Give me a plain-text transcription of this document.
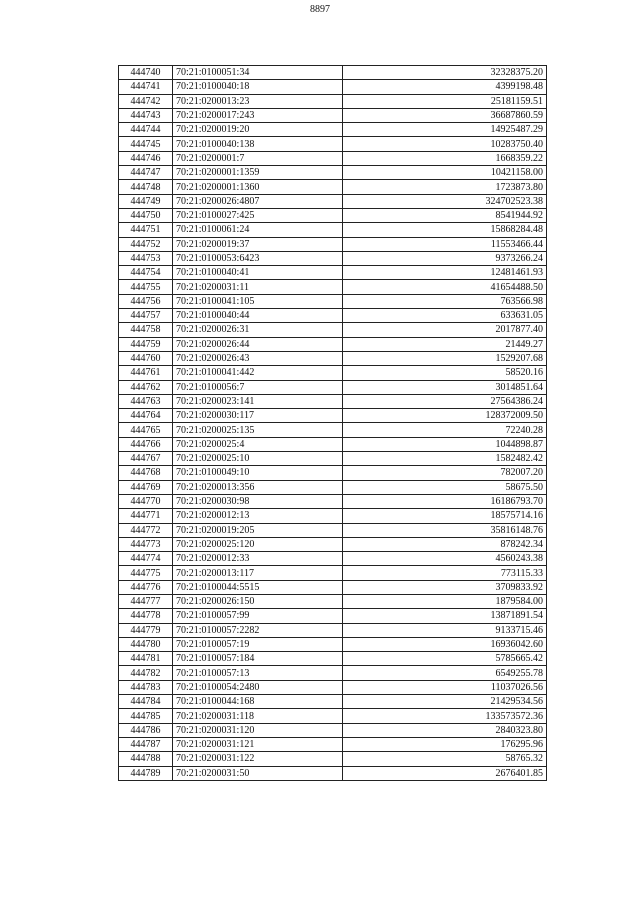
8897
444740	70:21:0100051:34	32328375.20
444741	70:21:0100040:18	4399198.48
444742	70:21:0200013:23	25181159.51
444743	70:21:0200017:243	36687860.59
444744	70:21:0200019:20	14925487.29
444745	70:21:0100040:138	10283750.40
444746	70:21:0200001:7	1668359.22
444747	70:21:0200001:1359	10421158.00
444748	70:21:0200001:1360	1723873.80
444749	70:21:0200026:4807	324702523.38
444750	70:21:0100027:425	8541944.92
444751	70:21:0100061:24	15868284.48
444752	70:21:0200019:37	11553466.44
444753	70:21:0100053:6423	9373266.24
444754	70:21:0100040:41	12481461.93
444755	70:21:0200031:11	41654488.50
444756	70:21:0100041:105	763566.98
444757	70:21:0100040:44	633631.05
444758	70:21:0200026:31	2017877.40
444759	70:21:0200026:44	21449.27
444760	70:21:0200026:43	1529207.68
444761	70:21:0100041:442	58520.16
444762	70:21:0100056:7	3014851.64
444763	70:21:0200023:141	27564386.24
444764	70:21:0200030:117	128372009.50
444765	70:21:0200025:135	72240.28
444766	70:21:0200025:4	1044898.87
444767	70:21:0200025:10	1582482.42
444768	70:21:0100049:10	782007.20
444769	70:21:0200013:356	58675.50
444770	70:21:0200030:98	16186793.70
444771	70:21:0200012:13	18575714.16
444772	70:21:0200019:205	35816148.76
444773	70:21:0200025:120	878242.34
444774	70:21:0200012:33	4560243.38
444775	70:21:0200013:117	773115.33
444776	70:21:0100044:5515	3709833.92
444777	70:21:0200026:150	1879584.00
444778	70:21:0100057:99	13871891.54
444779	70:21:0100057:2282	9133715.46
444780	70:21:0100057:19	16936042.60
444781	70:21:0100057:184	5785665.42
444782	70:21:0100057:13	6549255.78
444783	70:21:0100054:2480	11037026.56
444784	70:21:0100044:168	21429534.56
444785	70:21:0200031:118	133573572.36
444786	70:21:0200031:120	2840323.80
444787	70:21:0200031:121	176295.96
444788	70:21:0200031:122	58765.32
444789	70:21:0200031:50	2676401.85
